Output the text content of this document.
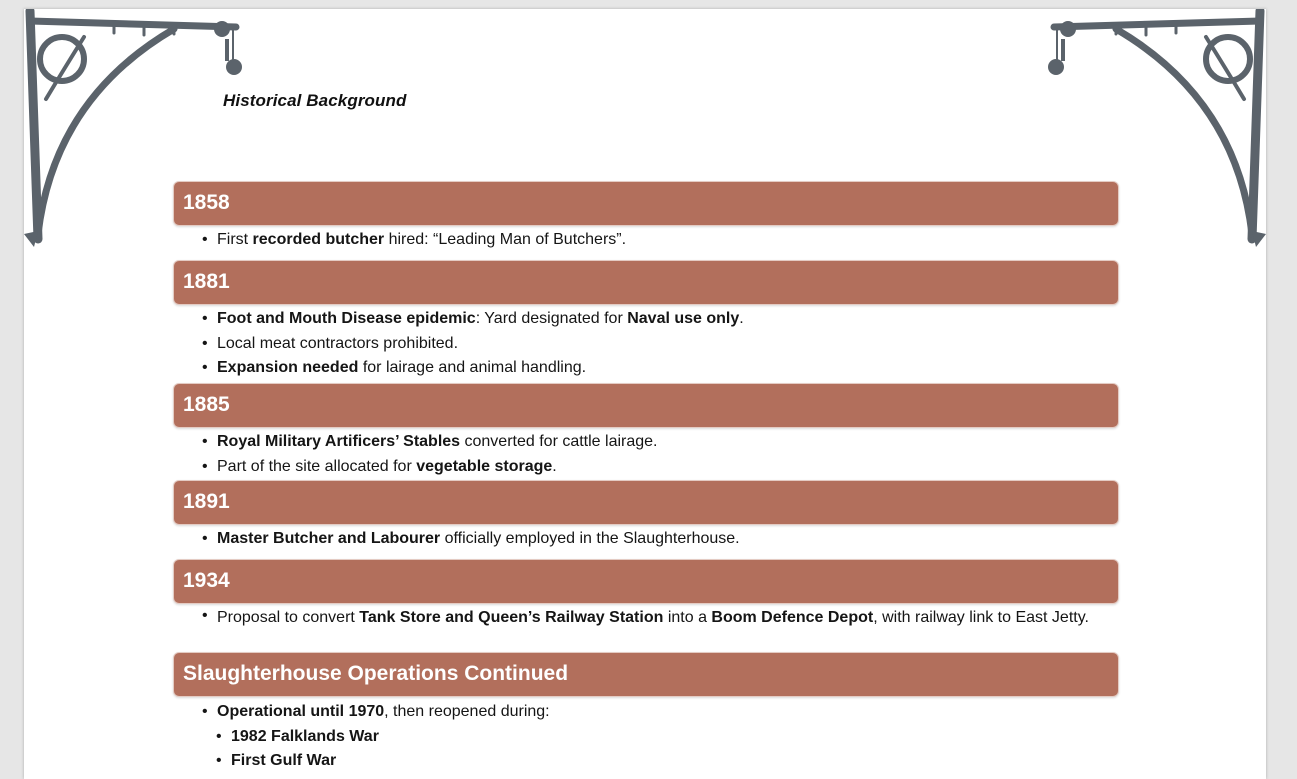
Historical Background
1858
• First recorded butcher hired: “Leading Man of Butchers”.
1881
• Foot and Mouth Disease epidemic: Yard designated for Naval use only.
• Local meat contractors prohibited.
• Expansion needed for lairage and animal handling.
1885
• Royal Military Artificers’ Stables converted for cattle lairage.
• Part of the site allocated for vegetable storage.
1891
• Master Butcher and Labourer officially employed in the Slaughterhouse.
1934
• Proposal to convert Tank Store and Queen’s Railway Station into a Boom Defence Depot, with railway link to East Jetty.
Slaughterhouse Operations Continued
• Operational until 1970, then reopened during:
• 1982 Falklands War
• First Gulf War
